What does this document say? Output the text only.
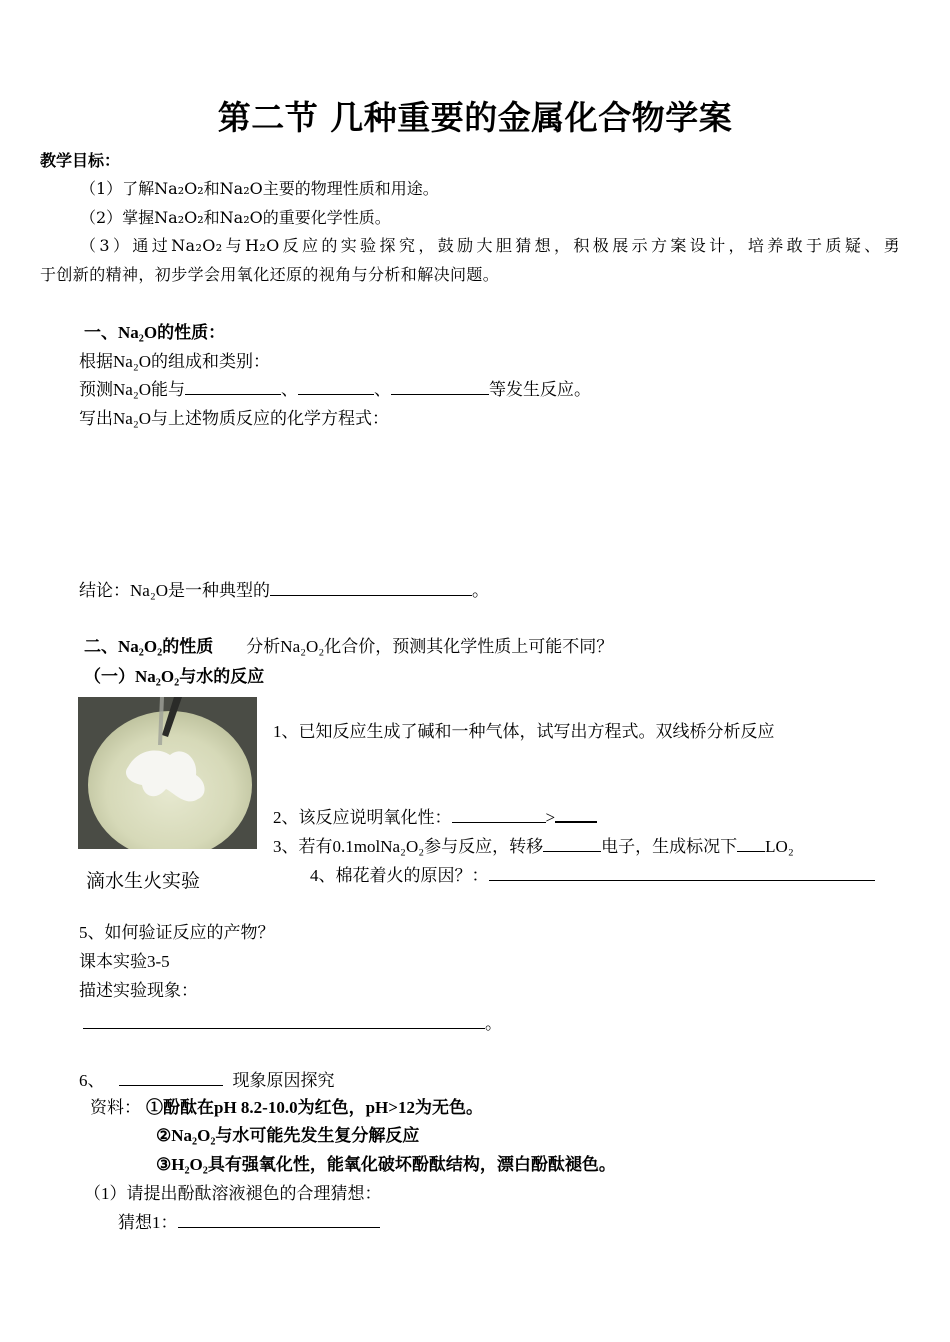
第二节 几种重要的金属化合物学案
教学目标：
（1）了解Na₂O₂和Na₂O主要的物理性质和用途。
（2）掌握Na₂O₂和Na₂O的重要化学性质。
（3）通过Na₂O₂与H₂O反应的实验探究，鼓励大胆猜想，积极展示方案设计，培养敢于质疑、勇
于创新的精神，初步学会用氧化还原的视角与分析和解决问题。
一、Na₂O的性质：
根据Na₂O的组成和类别：
预测Na₂O能与	、	、	等发生反应。
写出Na₂O与上述物质反应的化学方程式：
结论：Na₂O是一种典型的	。
二、Na₂O₂的性质 分析Na₂O₂化合价，预测其化学性质上可能不同？
（一）Na₂O₂与水的反应
滴水生火实验
1、已知反应生成了碱和一种气体，试写出方程式。双线桥分析反应
2、该反应说明氧化性：	>
3、若有0.1molNa₂O₂参与反应，转移	电子，生成标况下 LO₂
4、棉花着火的原因？：
5、如何验证反应的产物？
课本实验3-5
描述实验现象：
。
6、	现象原因探究
资料： ①酚酞在pH 8.2-10.0为红色，pH>12为无色。
②Na₂O₂与水可能先发生复分解反应
③H₂O₂具有强氧化性，能氧化破坏酚酞结构，漂白酚酞褪色。
（1）请提出酚酞溶液褪色的合理猜想：
猜想1：
